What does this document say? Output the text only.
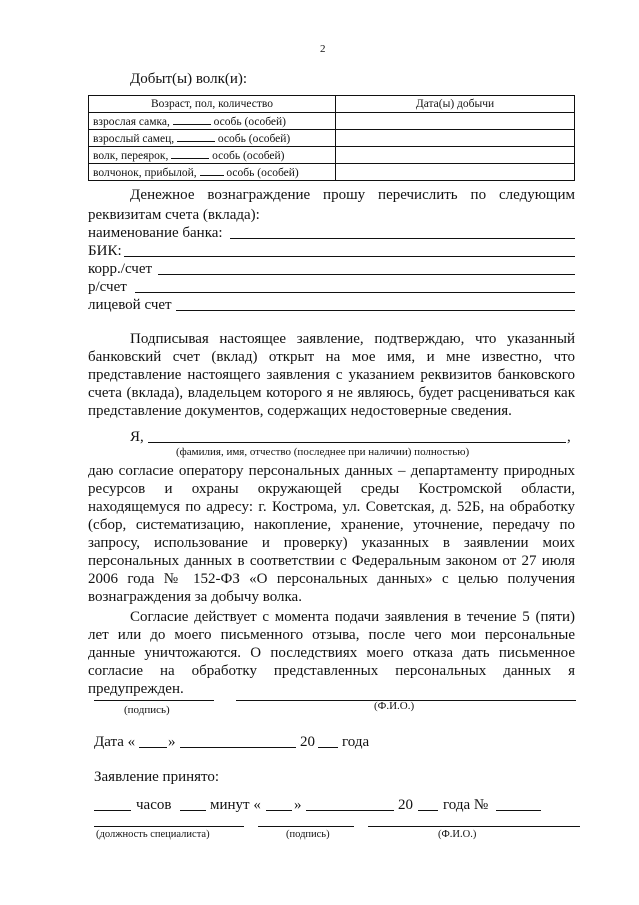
2
Добыт(ы) волк(и):
Возраст, пол, количество	Дата(ы) добычи
взрослая самка, особь (особей)	
взрослый самец, особь (особей)	
волк, переярок, особь (особей)	
волчонок, прибылой, особь (особей)	
Денежное вознаграждение прошу перечислить по следующим
реквизитам счета (вклада):
наименование банка:
БИК:
корр./счет
р/счет
лицевой счет
Подписывая настоящее заявление, подтверждаю, что указанный
банковский счет (вклад) открыт на мое имя, и мне известно, что
представление настоящего заявления с указанием реквизитов банковского
счета (вклада), владельцем которого я не являюсь, будет расцениваться как
представление документов, содержащих недостоверные сведения.
Я,	,
(фамилия, имя, отчество (последнее при наличии) полностью)
даю согласие оператору персональных данных – департаменту природных
ресурсов и охраны окружающей среды Костромской области,
находящемуся по адресу: г. Кострома, ул. Советская, д. 52Б, на обработку
(сбор, систематизацию, накопление, хранение, уточнение, передачу по
запросу, использование и проверку) указанных в заявлении моих
персональных данных в соответствии с Федеральным законом от 27 июля
2006 года № 152-ФЗ «О персональных данных» с целью получения
вознаграждения за добычу волка.
Согласие действует с момента подачи заявления в течение 5 (пяти)
лет или до моего письменного отзыва, после чего мои персональные
данные уничтожаются. О последствиях моего отказа дать письменное
согласие на обработку представленных персональных данных я
предупрежден.
(подпись)	(Ф.И.О.)
Дата « »	20 года
Заявление принято:
часов	минут « »	20 года №
(должность специалиста)	(подпись)	(Ф.И.О.)
